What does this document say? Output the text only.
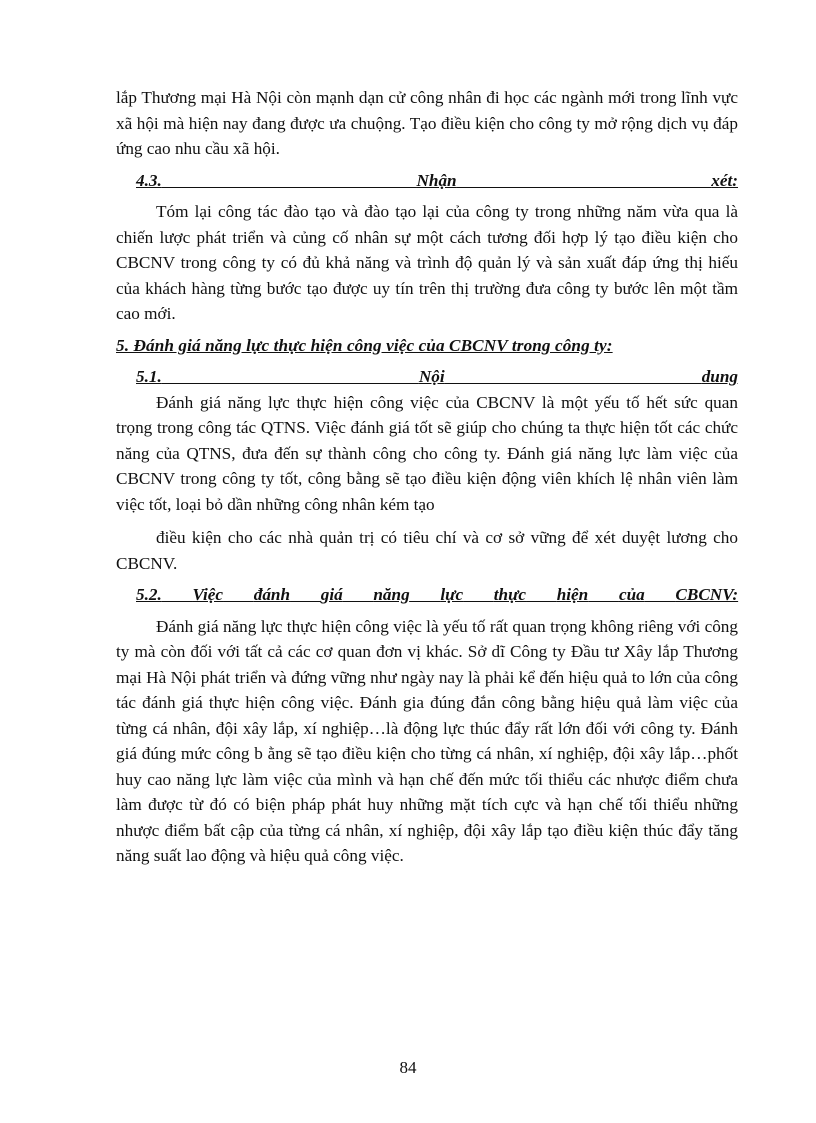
lắp Thương mại Hà Nội còn mạnh dạn cử công nhân đi học các ngành mới trong lĩnh vực xã hội mà hiện nay đang được ưa chuộng. Tạo điều kiện cho công ty mở rộng dịch vụ đáp ứng cao nhu cầu xã hội.

4.3.	Nhận	xét:

Tóm lại công tác đào tạo và đào tạo lại của công ty trong những năm vừa qua là chiến lược phát triển và củng cố nhân sự một cách tương đối hợp lý tạo điều kiện cho CBCNV trong công ty có đủ khả năng và trình độ quản lý và sản xuất đáp ứng thị hiếu của khách hàng từng bước tạo được uy tín trên thị trường đưa công ty bước lên một tầm cao mới.

5. Đánh giá năng lực thực hiện công việc của CBCNV trong công ty:

5.1.	Nội	dung

Đánh giá năng lực thực hiện công việc của CBCNV là một yếu tố hết sức quan trọng trong công tác QTNS. Việc đánh giá tốt sẽ giúp cho chúng ta thực hiện tốt các chức năng của QTNS, đưa đến sự thành công cho công ty. Đánh giá năng lực làm việc của CBCNV trong công ty tốt, công bằng sẽ tạo điều kiện động viên khích lệ nhân viên làm việc tốt, loại bỏ dần những công nhân kém tạo

điều kiện cho các nhà quản trị có tiêu chí và cơ sở vững để xét duyệt lương cho CBCNV.

5.2. Việc đánh giá năng lực thực hiện của CBCNV:

Đánh giá năng lực thực hiện công việc là yếu tố rất quan trọng không riêng với công ty mà còn đối với tất cả các cơ quan đơn vị khác. Sở dĩ Công ty Đầu tư Xây lắp Thương mại Hà Nội phát triển và đứng vững như ngày nay là phải kể đến hiệu quả to lớn của công tác đánh giá thực hiện công việc. Đánh gia đúng đắn công bằng hiệu quả làm việc của từng cá nhân, đội xây lắp, xí nghiệp…là động lực thúc đẩy rất lớn đối với công ty. Đánh giá đúng mức công b ằng sẽ tạo điều kiện cho từng cá nhân, xí nghiệp, đội xây lắp…phốt huy cao năng lực làm việc của mình và hạn chế đến mức tối thiểu các nhược điểm chưa làm được từ đó có biện pháp phát huy những mặt tích cực và hạn chế tối thiểu những nhược điểm bất cập của từng cá nhân, xí nghiệp, đội xây lắp tạo điều kiện thúc đẩy tăng năng suất lao động và hiệu quả công việc.

84
